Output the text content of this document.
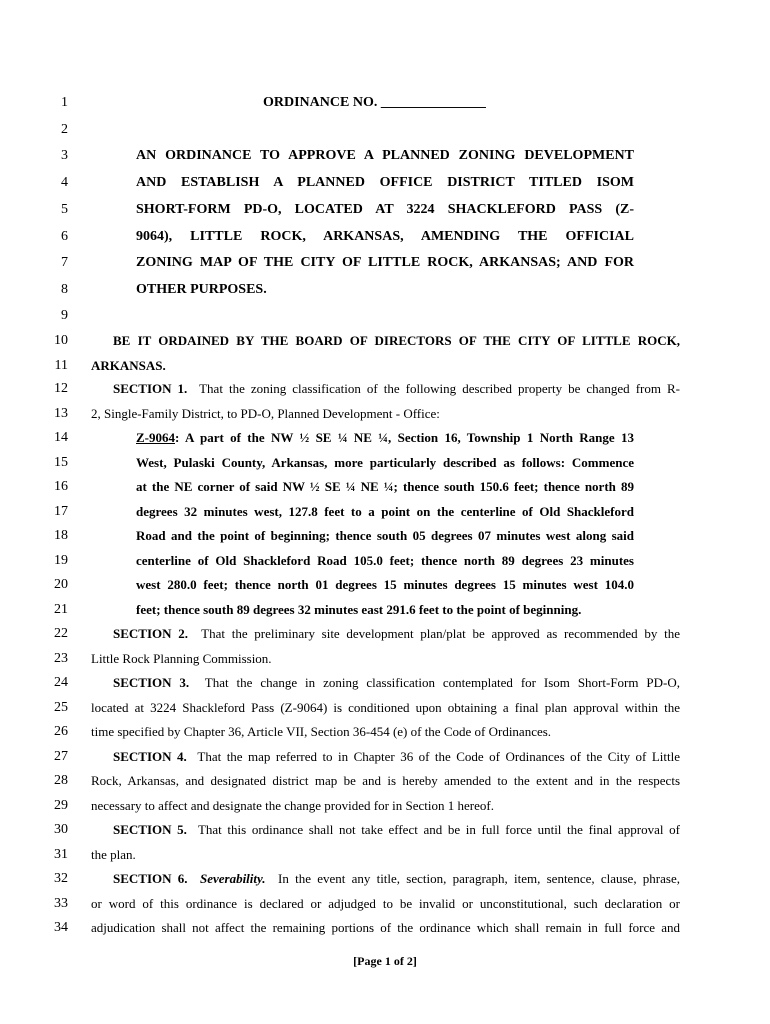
1
2
3
4
5
6
7
8
9
10
11
12
13
14
15
16
17
18
19
20
21
22
23
24
25
26
27
28
29
30
31
32
33
34
ORDINANCE NO. _______________
AN ORDINANCE TO APPROVE A PLANNED ZONING DEVELOPMENT
AND ESTABLISH A PLANNED OFFICE DISTRICT TITLED ISOM
SHORT-FORM PD-O, LOCATED AT 3224 SHACKLEFORD PASS (Z-
9064), LITTLE ROCK, ARKANSAS, AMENDING THE OFFICIAL
ZONING MAP OF THE CITY OF LITTLE ROCK, ARKANSAS; AND FOR
OTHER PURPOSES.
BE IT ORDAINED BY THE BOARD OF DIRECTORS OF THE CITY OF LITTLE ROCK,
ARKANSAS.
SECTION 1. That the zoning classification of the following described property be changed from R-
2, Single-Family District, to PD-O, Planned Development - Office:
Z-9064: A part of the NW ½ SE ¼ NE ¼, Section 16, Township 1 North Range 13
West, Pulaski County, Arkansas, more particularly described as follows: Commence
at the NE corner of said NW ½ SE ¼ NE ¼; thence south 150.6 feet; thence north 89
degrees 32 minutes west, 127.8 feet to a point on the centerline of Old Shackleford
Road and the point of beginning; thence south 05 degrees 07 minutes west along said
centerline of Old Shackleford Road 105.0 feet; thence north 89 degrees 23 minutes
west 280.0 feet; thence north 01 degrees 15 minutes degrees 15 minutes west 104.0
feet; thence south 89 degrees 32 minutes east 291.6 feet to the point of beginning.
SECTION 2. That the preliminary site development plan/plat be approved as recommended by the
Little Rock Planning Commission.
SECTION 3. That the change in zoning classification contemplated for Isom Short-Form PD-O,
located at 3224 Shackleford Pass (Z-9064) is conditioned upon obtaining a final plan approval within the
time specified by Chapter 36, Article VII, Section 36-454 (e) of the Code of Ordinances.
SECTION 4. That the map referred to in Chapter 36 of the Code of Ordinances of the City of Little
Rock, Arkansas, and designated district map be and is hereby amended to the extent and in the respects
necessary to affect and designate the change provided for in Section 1 hereof.
SECTION 5. That this ordinance shall not take effect and be in full force until the final approval of
the plan.
SECTION 6. Severability. In the event any title, section, paragraph, item, sentence, clause, phrase,
or word of this ordinance is declared or adjudged to be invalid or unconstitutional, such declaration or
adjudication shall not affect the remaining portions of the ordinance which shall remain in full force and
[Page 1 of 2]
